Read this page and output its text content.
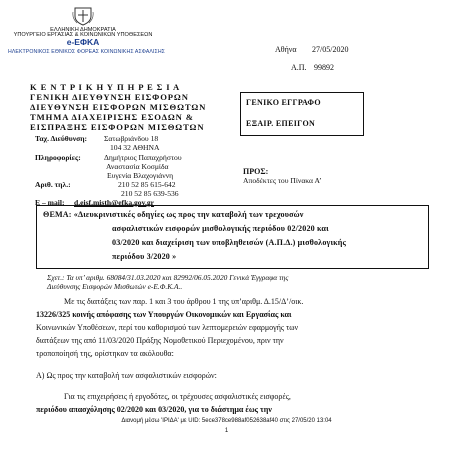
ΕΛΛΗΝΙΚΗ ΔΗΜΟΚΡΑΤΙΑ
ΥΠΟΥΡΓΕΙΟ ΕΡΓΑΣΙΑΣ & ΚΟΙΝΩΝΙΚΩΝ ΥΠΟΘΕΣΕΩΝ
e-ΕΦΚΑ
ΗΛΕΚΤΡΟΝΙΚΟΣ ΕΘΝΙΚΟΣ ΦΟΡΕΑΣ ΚΟΙΝΩΝΙΚΗΣ ΑΣΦΑΛΙΣΗΣ	Αθήνα 27/05/2020
Α.Π. 99892
Κ Ε Ν Τ Ρ Ι Κ Η Υ Π Η Ρ Ε Σ Ι Α
ΓΕΝΙΚΗ ΔΙΕΥΘΥΝΣΗ ΕΙΣΦΟΡΩΝ
ΔΙΕΥΘΥΝΣΗ ΕΙΣΦΟΡΩΝ ΜΙΣΘΩΤΩΝ
ΤΜΗΜΑ ΔΙΑΧΕΙΡΙΣΗΣ ΕΣΟΔΩΝ &
ΕΙΣΠΡΑΞΗΣ ΕΙΣΦΟΡΩΝ ΜΙΣΘΩΤΩΝ
Ταχ. Διεύθυνση: Σατωβριάνδου 18
104 32 ΑΘΗΝΑ
Πληροφορίες:	Δημήτριος Παπαχρήστου
Αναστασία Κοσμίδα
Ευγενία Βλαχογιάννη
Αριθ. τηλ.:	210 52 85 615-642
210 52 85 639-536
E – mail: d.eisf.misth@efka.gov.gr
ΓΕΝΙΚΟ ΕΓΓΡΑΦΟ
ΕΞΑΙΡ. ΕΠΕΙΓΟΝ
ΠΡΟΣ:
Αποδέκτες του Πίνακα Α’
ΘΕΜΑ: «Διευκρινιστικές οδηγίες ως προς την καταβολή των τρεχουσών
ασφαλιστικών εισφορών μισθολογικής περιόδου 02/2020 και
03/2020 και διαχείριση των υποβληθεισών (Α.Π.Δ.) μισθολογικής
περιόδου 3/2020 »
Σχετ.: Τα υπ’ αριθμ. 68084/31.03.2020 και 82992/06.05.2020 Γενικά Έγγραφα της
Διεύθυνσης Εισφορών Μισθωτών e-Ε.Φ.Κ.Α..
Με τις διατάξεις των παρ. 1 και 3 του άρθρου 1 της υπ’αριθμ. Δ.15/Δ’/οικ.
13226/325 κοινής απόφασης των Υπουργών Οικονομικών και Εργασίας και
Κοινωνικών Υποθέσεων, περί του καθορισμού των λεπτομερειών εφαρμογής των
διατάξεων της από 11/03/2020 Πράξης Νομοθετικού Περιεχομένου, πριν την
τροποποίησή της, ορίστηκαν τα ακόλουθα:
Α) Ως προς την καταβολή των ασφαλιστικών εισφορών:
Για τις επιχειρήσεις ή εργοδότες, οι τρέχουσες ασφαλιστικές εισφορές,
περιόδου απασχόλησης 02/2020 και 03/2020, για το διάστημα έως την
Διανομή μέσω 'ΙΡΙΔΑ' με UID: 5ece378ce988af052638af40 στις 27/05/20 13:04
1
